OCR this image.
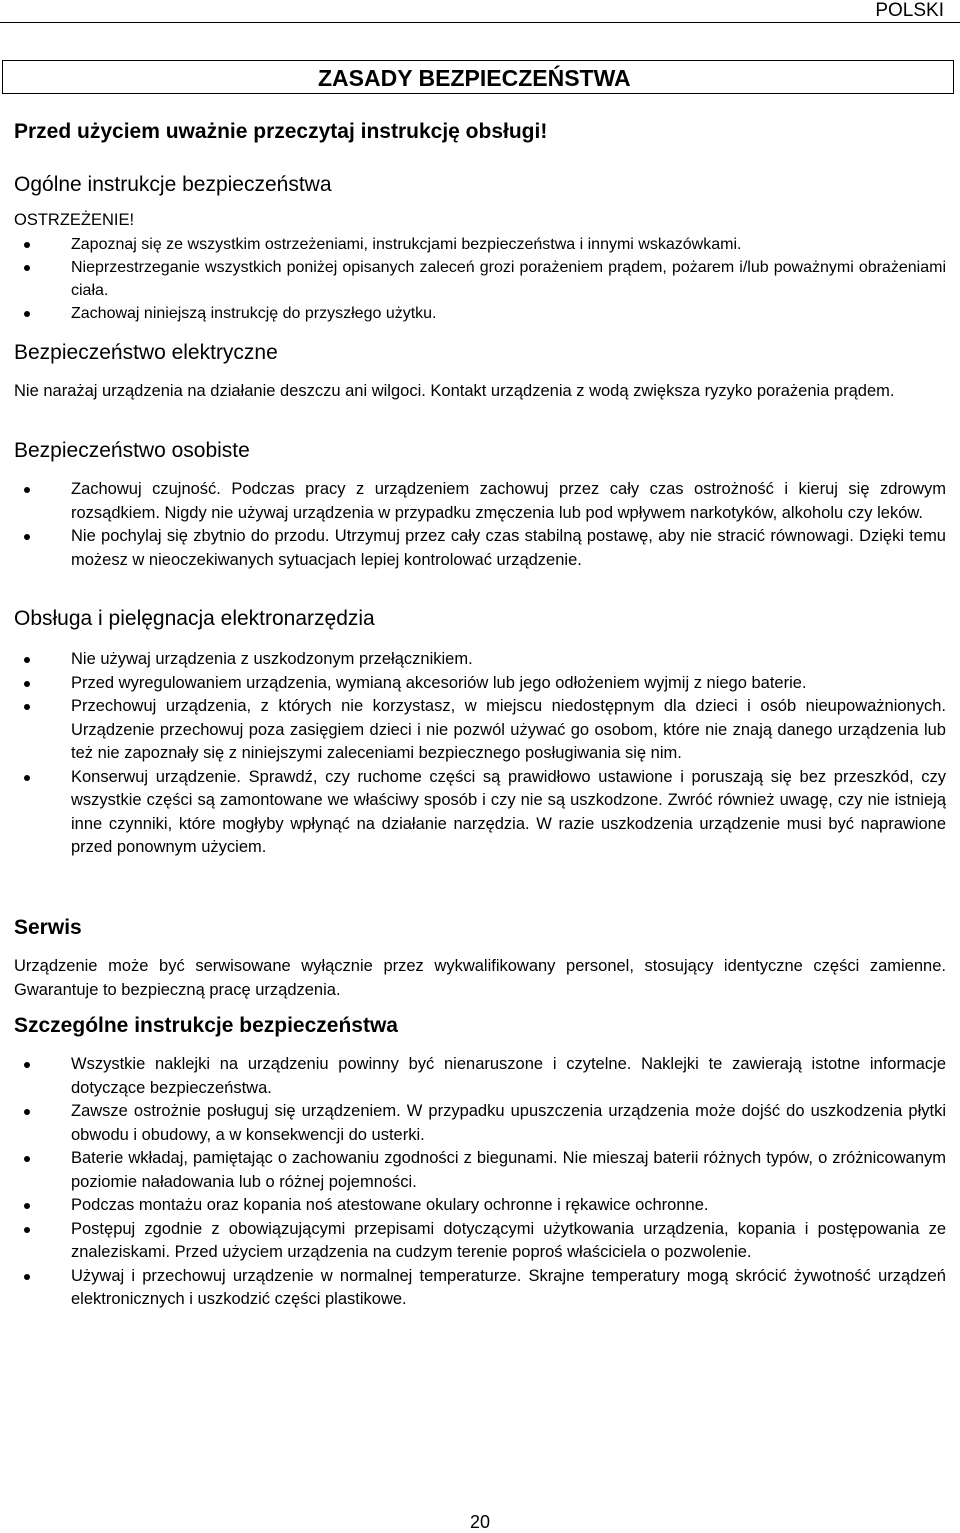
POLSKI
ZASADY BEZPIECZEŃSTWA
Przed użyciem uważnie przeczytaj instrukcję obsługi!
Ogólne instrukcje bezpieczeństwa
OSTRZEŻENIE!
Zapoznaj się ze wszystkim ostrzeżeniami, instrukcjami bezpieczeństwa i innymi wskazówkami.
Nieprzestrzeganie wszystkich poniżej opisanych zaleceń grozi porażeniem prądem, pożarem i/lub poważnymi obrażeniami ciała.
Zachowaj niniejszą instrukcję do przyszłego użytku.
Bezpieczeństwo elektryczne
Nie narażaj urządzenia na działanie deszczu ani wilgoci. Kontakt urządzenia z wodą zwiększa ryzyko porażenia prądem.
Bezpieczeństwo osobiste
Zachowuj czujność. Podczas pracy z urządzeniem zachowuj przez cały czas ostrożność i kieruj się zdrowym rozsądkiem. Nigdy nie używaj urządzenia w przypadku zmęczenia lub pod wpływem narkotyków, alkoholu czy leków.
Nie pochylaj się zbytnio do przodu. Utrzymuj przez cały czas stabilną postawę, aby nie stracić równowagi. Dzięki temu możesz w nieoczekiwanych sytuacjach lepiej kontrolować urządzenie.
Obsługa i pielęgnacja elektronarzędzia
Nie używaj urządzenia z uszkodzonym przełącznikiem.
Przed wyregulowaniem urządzenia, wymianą akcesoriów lub jego odłożeniem wyjmij z niego baterie.
Przechowuj urządzenia, z których nie korzystasz, w miejscu niedostępnym dla dzieci i osób nieupoważnionych. Urządzenie przechowuj poza zasięgiem dzieci i nie pozwól używać go osobom, które nie znają danego urządzenia lub też nie zapoznały się z niniejszymi zaleceniami bezpiecznego posługiwania się nim.
Konserwuj urządzenie. Sprawdź, czy ruchome części są prawidłowo ustawione i poruszają się bez przeszkód, czy wszystkie części są zamontowane we właściwy sposób i czy nie są uszkodzone. Zwróć również uwagę, czy nie istnieją inne czynniki, które mogłyby wpłynąć na działanie narzędzia. W razie uszkodzenia urządzenie musi być naprawione przed ponownym użyciem.
Serwis
Urządzenie może być serwisowane wyłącznie przez wykwalifikowany personel, stosujący identyczne części zamienne. Gwarantuje to bezpieczną pracę urządzenia.
Szczególne instrukcje bezpieczeństwa
Wszystkie naklejki na urządzeniu powinny być nienaruszone i czytelne. Naklejki te zawierają istotne informacje dotyczące bezpieczeństwa.
Zawsze ostrożnie posługuj się urządzeniem. W przypadku upuszczenia urządzenia może dojść do uszkodzenia płytki obwodu i obudowy, a w konsekwencji do usterki.
Baterie wkładaj, pamiętając o zachowaniu zgodności z biegunami. Nie mieszaj baterii różnych typów, o zróżnicowanym poziomie naładowania lub o różnej pojemności.
Podczas montażu oraz kopania noś atestowane okulary ochronne i rękawice ochronne.
Postępuj zgodnie z obowiązującymi przepisami dotyczącymi użytkowania urządzenia, kopania i postępowania ze znaleziskami. Przed użyciem urządzenia na cudzym terenie poproś właściciela o pozwolenie.
Używaj i przechowuj urządzenie w normalnej temperaturze. Skrajne temperatury mogą skrócić żywotność urządzeń elektronicznych i uszkodzić części plastikowe.
20
